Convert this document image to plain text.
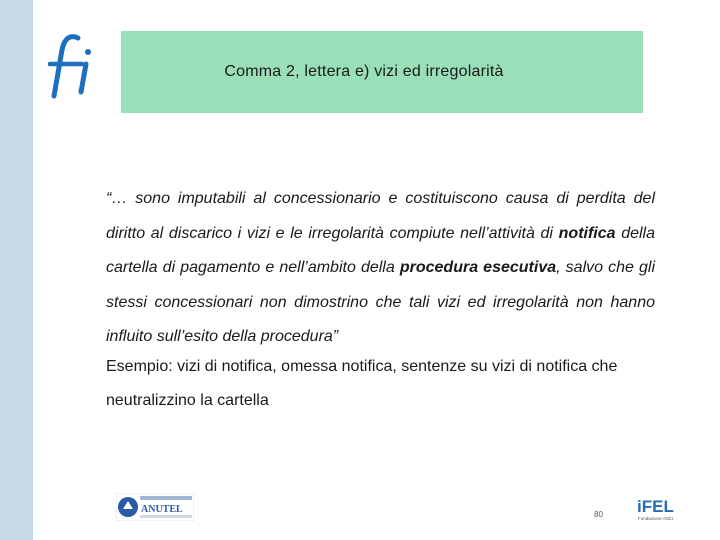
Comma 2, lettera e) vizi ed irregolarità
“… sono imputabili al concessionario e costituiscono causa di perdita del diritto al discarico i vizi e le irregolarità compiute nell’attività di notifica della cartella di pagamento e nell’ambito della procedura esecutiva, salvo che gli stessi concessionari non dimostrino che tali vizi ed irregolarità non hanno influito sull’esito della procedura”
Esempio: vizi di notifica, omessa notifica, sentenze su vizi di notifica che neutralizzino la cartella
ANUTEL	80 iFEL
Fondazione ANCI
